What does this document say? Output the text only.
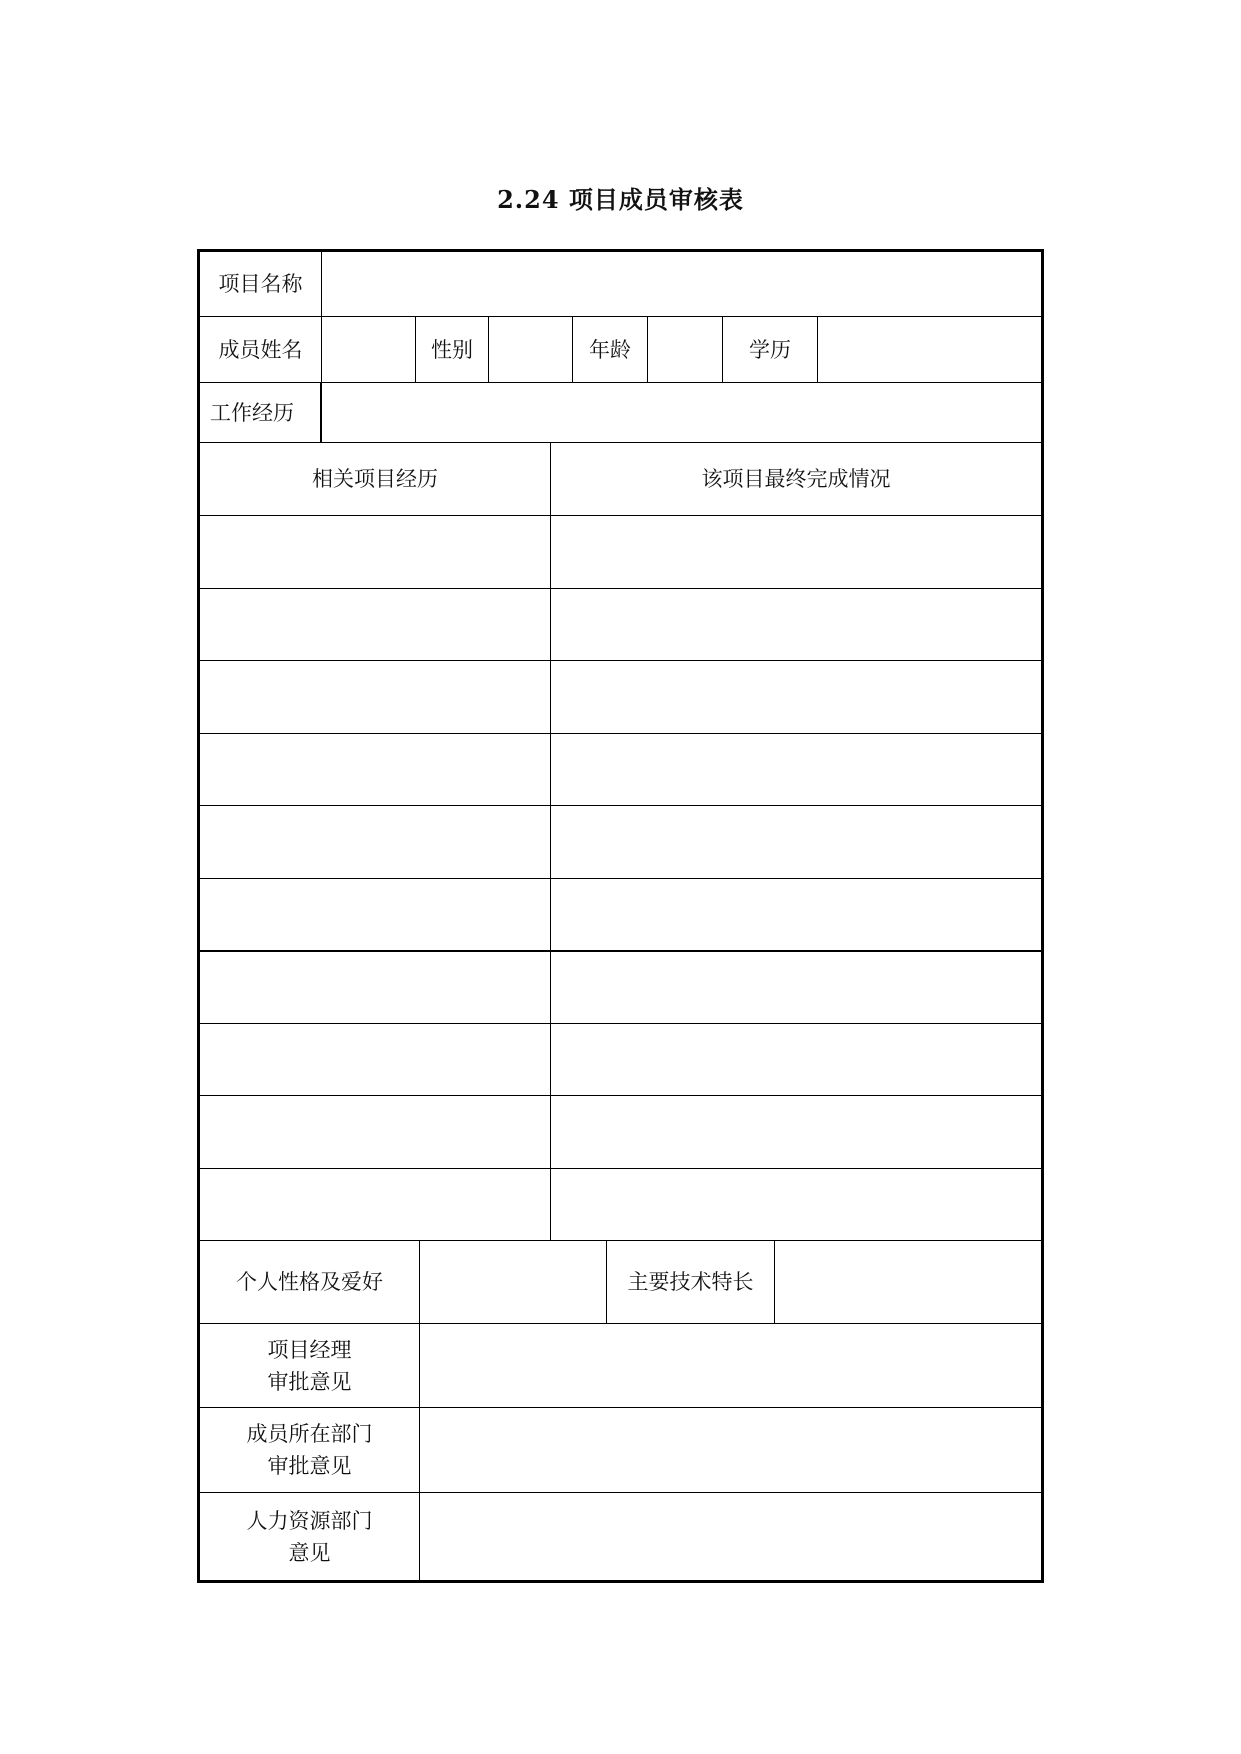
2.24 项目成员审核表
项目名称
成员姓名	性别	年龄	学历
工作经历
相关项目经历	该项目最终完成情况
个人性格及爱好	主要技术特长
项目经理
审批意见
成员所在部门
审批意见
人力资源部门
意见
